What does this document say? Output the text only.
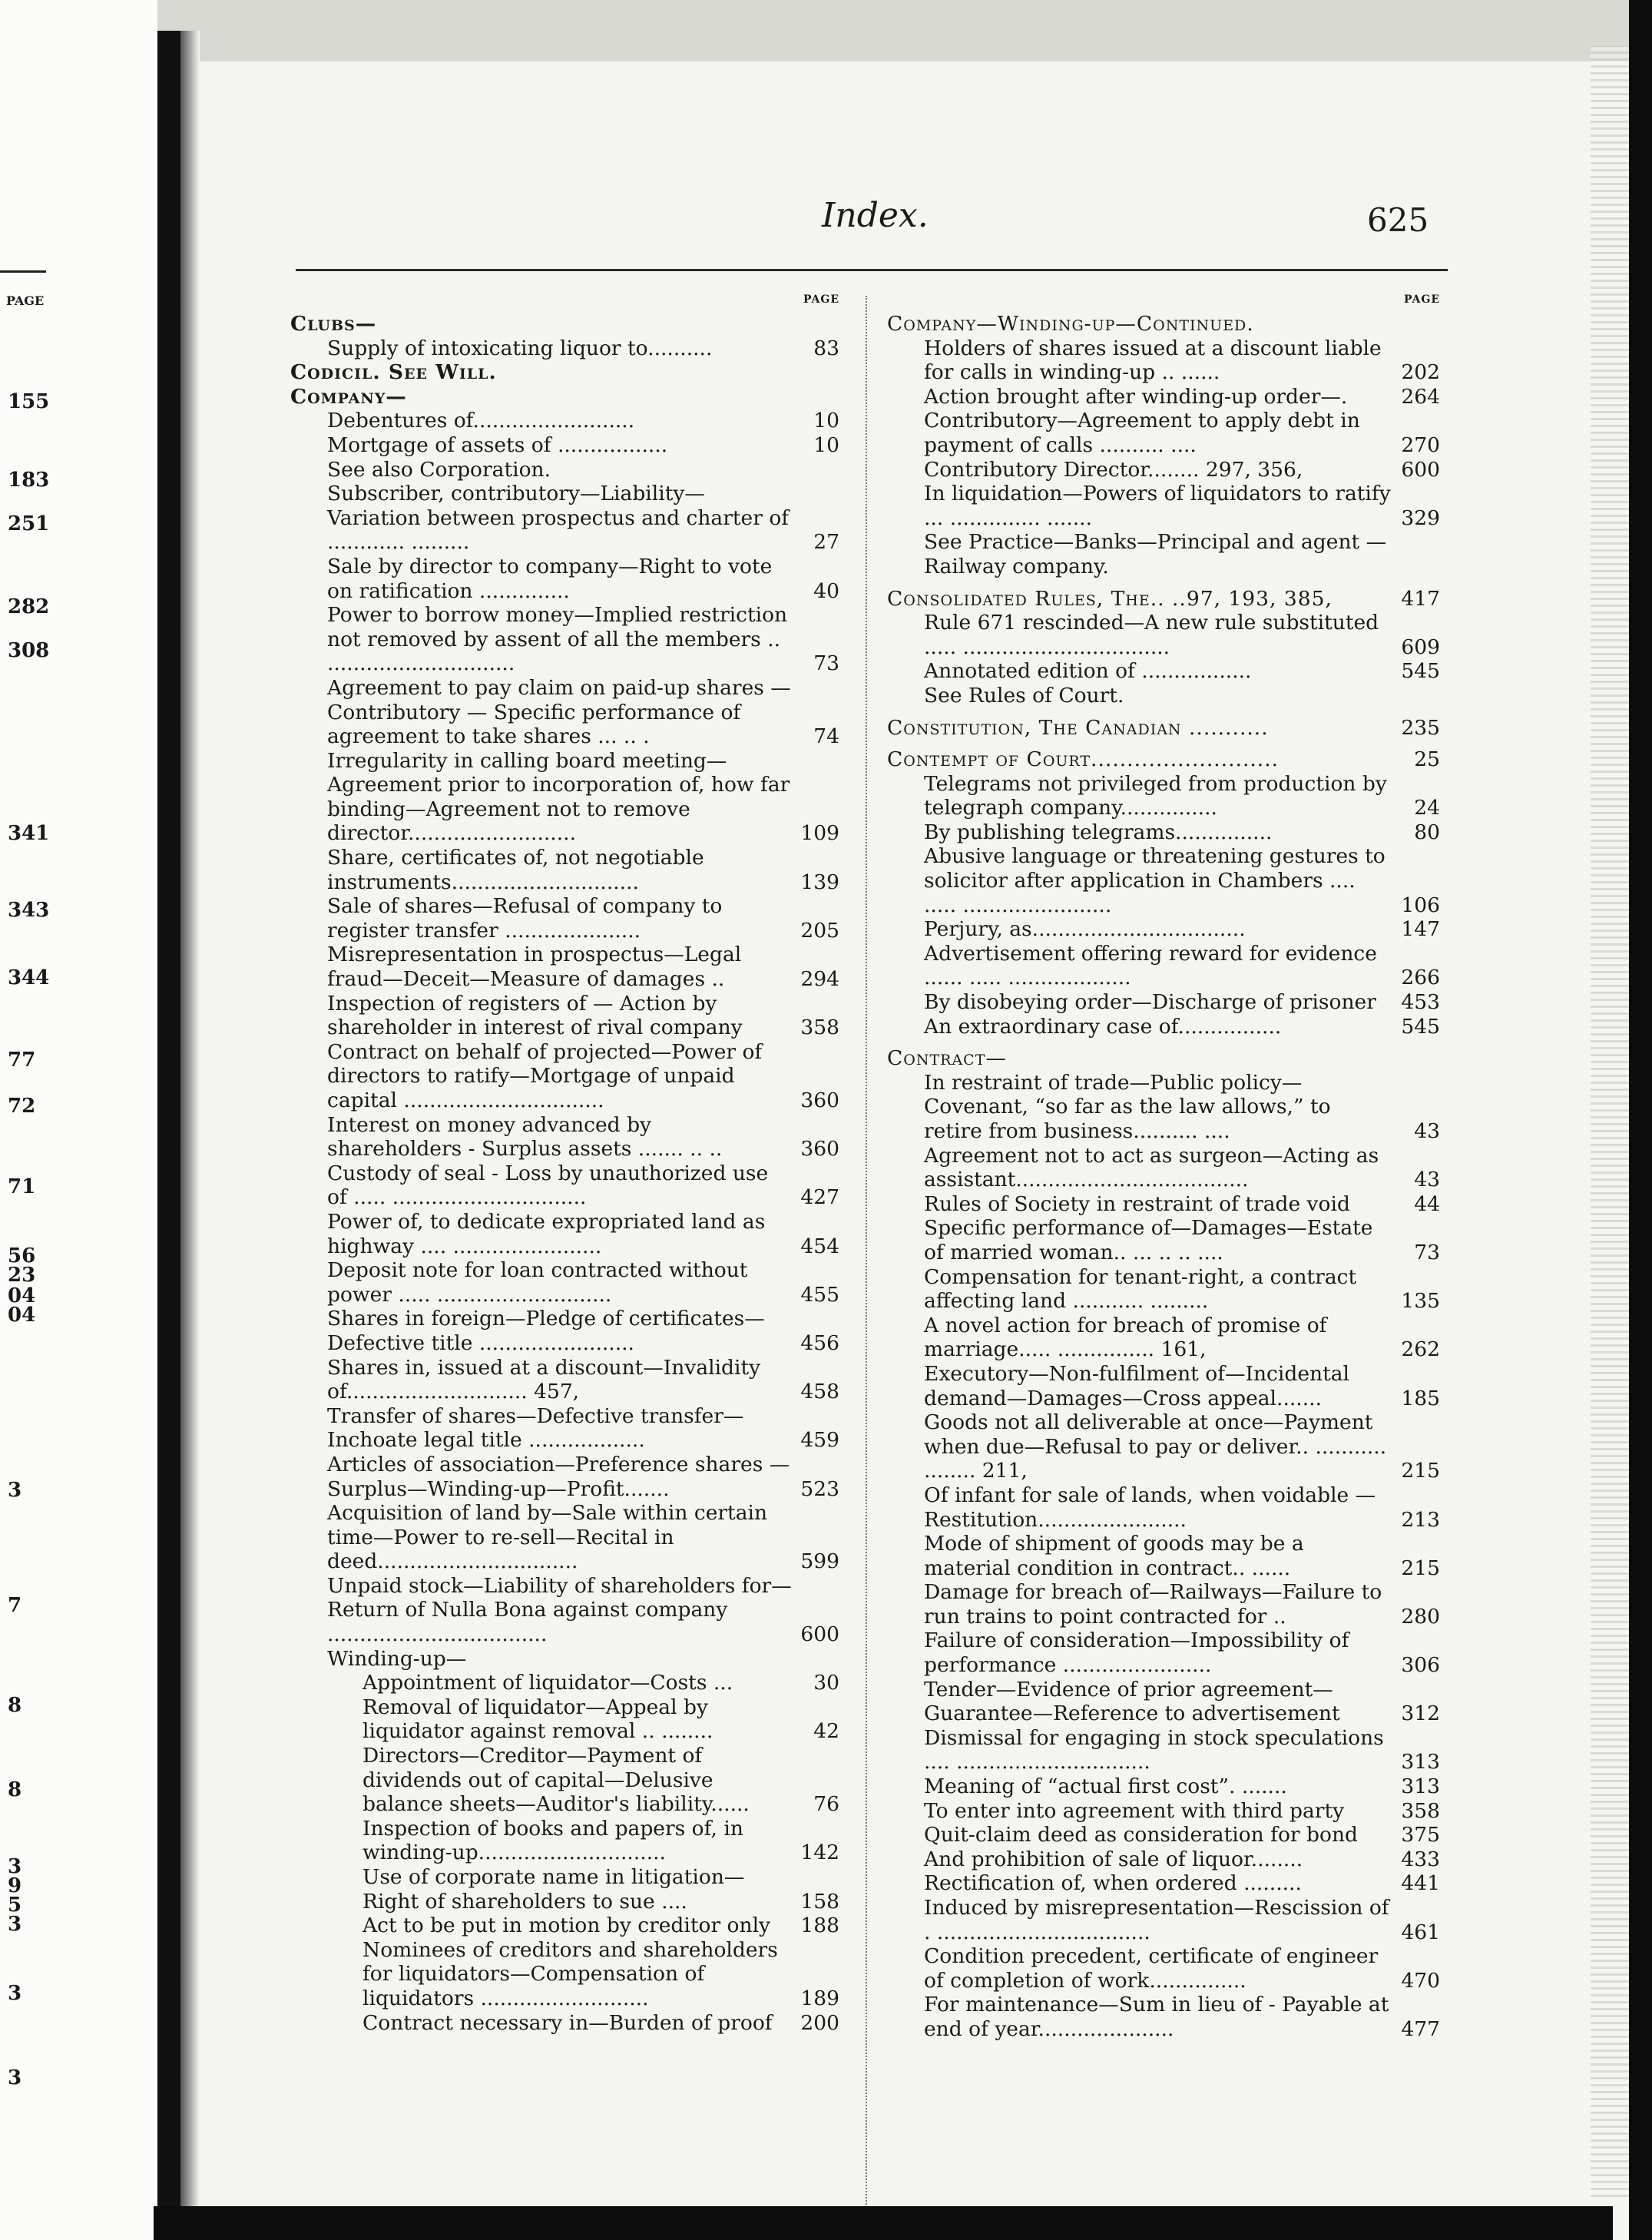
PAGE
155
183
251
282
308
341
343
344
77
72
71
56
23
04
04
3
7
8
8
3
9
5
3
3
3
Index.	625
PAGE
Clubs—
Supply of intoxicating liquor to..........	83
Codicil. See Will.
Company—
Debentures of.........................	10
Mortgage of assets of .................	10
See also Corporation.
Subscriber, contributory—Liability—Variation between prospectus and charter of ............ .........	27
Sale by director to company—Right to vote on ratification ..............	40
Power to borrow money—Implied restriction not removed by assent of all the members .. .............................	73
Agreement to pay claim on paid-up shares —Contributory — Specific performance of agreement to take shares ... .. .	74
Irregularity in calling board meeting—Agreement prior to incorporation of, how far binding—Agreement not to remove director..........................	109
Share, certificates of, not negotiable instruments.............................	139
Sale of shares—Refusal of company to register transfer .....................	205
Misrepresentation in prospectus—Legal fraud—Deceit—Measure of damages ..	294
Inspection of registers of — Action by shareholder in interest of rival company	358
Contract on behalf of projected—Power of directors to ratify—Mortgage of unpaid capital ...............................	360
Interest on money advanced by shareholders - Surplus assets ....... .. ..	360
Custody of seal - Loss by unauthorized use of ..... ..............................	427
Power of, to dedicate expropriated land as highway .... .......................	454
Deposit note for loan contracted without power ..... ...........................	455
Shares in foreign—Pledge of certificates—Defective title ........................	456
Shares in, issued at a discount—Invalidity of............................ 457,	458
Transfer of shares—Defective transfer—Inchoate legal title ..................	459
Articles of association—Preference shares —Surplus—Winding-up—Profit.......	523
Acquisition of land by—Sale within certain time—Power to re-sell—Recital in deed...............................	599
Unpaid stock—Liability of shareholders for—Return of Nulla Bona against company ..................................	600
Winding-up—
Appointment of liquidator—Costs ...	30
Removal of liquidator—Appeal by liquidator against removal .. ........	42
Directors—Creditor—Payment of dividends out of capital—Delusive balance sheets—Auditor's liability......	76
Inspection of books and papers of, in winding-up.............................	142
Use of corporate name in litigation—Right of shareholders to sue ....	158
Act to be put in motion by creditor only	188
Nominees of creditors and shareholders for liquidators—Compensation of liquidators ..........................	189
Contract necessary in—Burden of proof	200
PAGE
Company—Winding-up—Continued.
Holders of shares issued at a discount liable for calls in winding-up .. ......	202
Action brought after winding-up order—.	264
Contributory—Agreement to apply debt in payment of calls .......... ....	270
Contributory Director........ 297, 356,	600
In liquidation—Powers of liquidators to ratify ... .............. .......	329
See Practice—Banks—Principal and agent —Railway company.
Consolidated Rules, The.. ..97, 193, 385,	417
Rule 671 rescinded—A new rule substituted ..... ................................	609
Annotated edition of .................	545
See Rules of Court.
Constitution, The Canadian ...........	235
Contempt of Court..........................	25
Telegrams not privileged from production by telegraph company...............	24
By publishing telegrams...............	80
Abusive language or threatening gestures to solicitor after application in Chambers .... ..... .......................	106
Perjury, as.................................	147
Advertisement offering reward for evidence ...... ..... ...................	266
By disobeying order—Discharge of prisoner	453
An extraordinary case of................	545
Contract—
In restraint of trade—Public policy—Covenant, “so far as the law allows,” to retire from business.......... ....	43
Agreement not to act as surgeon—Acting as assistant....................................	43
Rules of Society in restraint of trade void	44
Specific performance of—Damages—Estate of married woman.. ... .. .. ....	73
Compensation for tenant-right, a contract affecting land ........... .........	135
A novel action for breach of promise of marriage..... ............... 161,	262
Executory—Non-fulfilment of—Incidental demand—Damages—Cross appeal.......	185
Goods not all deliverable at once—Payment when due—Refusal to pay or deliver.. ........... ........ 211,	215
Of infant for sale of lands, when voidable —Restitution.......................	213
Mode of shipment of goods may be a material condition in contract.. ......	215
Damage for breach of—Railways—Failure to run trains to point contracted for ..	280
Failure of consideration—Impossibility of performance .......................	306
Tender—Evidence of prior agreement—Guarantee—Reference to advertisement	312
Dismissal for engaging in stock speculations .... ..............................	313
Meaning of “actual first cost”. .......	313
To enter into agreement with third party	358
Quit-claim deed as consideration for bond	375
And prohibition of sale of liquor........	433
Rectification of, when ordered .........	441
Induced by misrepresentation—Rescission of . .................................	461
Condition precedent, certificate of engineer of completion of work...............	470
For maintenance—Sum in lieu of - Payable at end of year.....................	477
